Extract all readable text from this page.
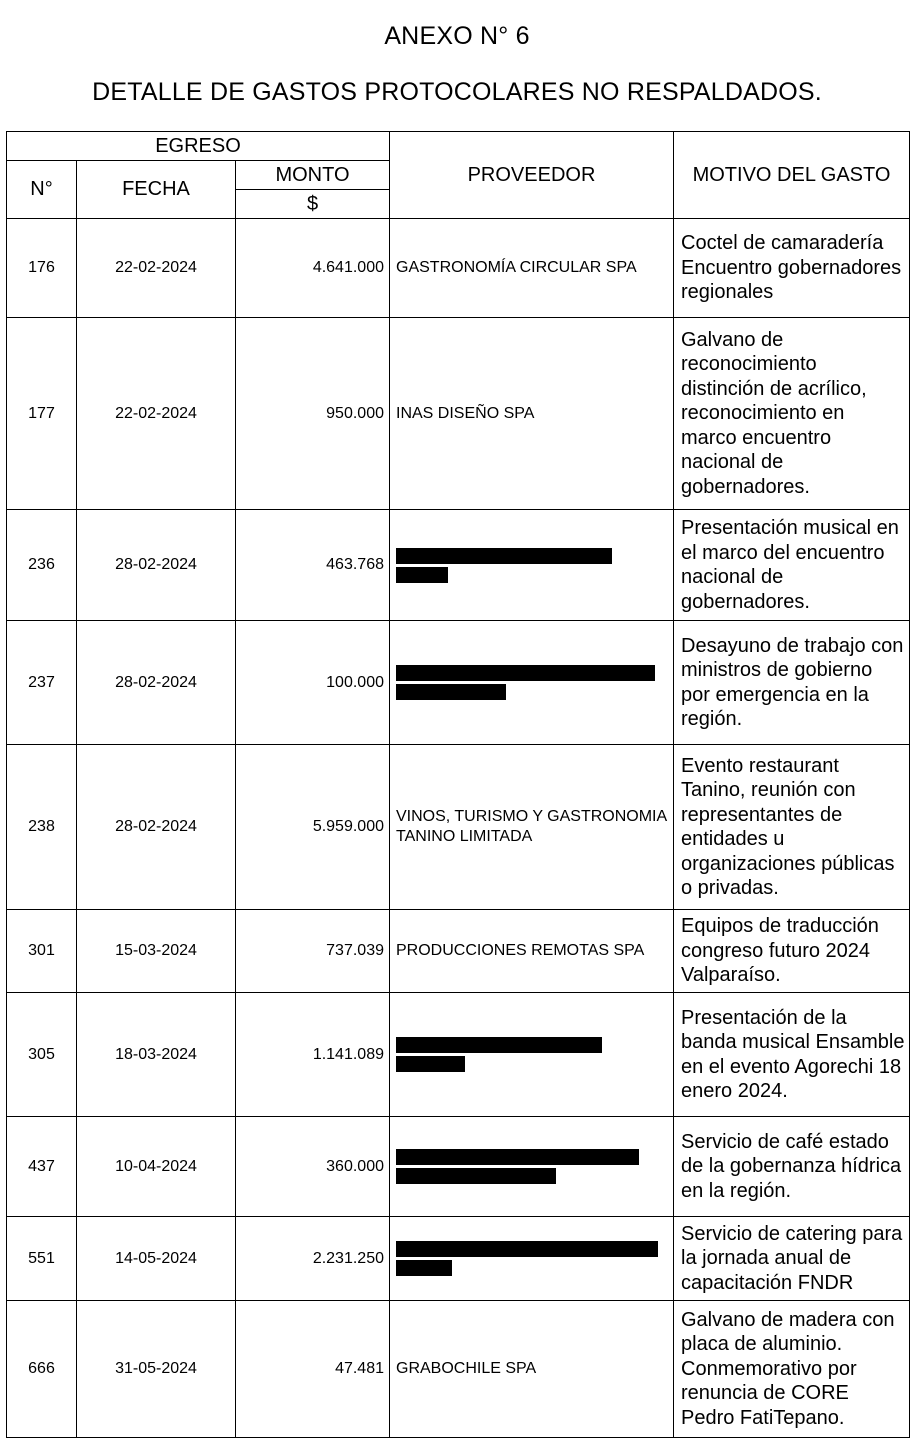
ANEXO N° 6
DETALLE DE GASTOS PROTOCOLARES NO RESPALDADOS.
EGRESO			PROVEEDOR	MOTIVO DEL GASTO
N°	FECHA	MONTO		
		$		
176	22-02-2024	4.641.000	GASTRONOMÍA CIRCULAR SPA	Coctel de camaradería Encuentro gobernadores regionales
177	22-02-2024	950.000	INAS DISEÑO SPA	Galvano de reconocimiento distinción de acrílico, reconocimiento en marco encuentro nacional de gobernadores.
236	28-02-2024	463.768		Presentación musical en el marco del encuentro nacional de gobernadores.
237	28-02-2024	100.000		Desayuno de trabajo con ministros de gobierno por emergencia en la región.
238	28-02-2024	5.959.000	VINOS, TURISMO Y GASTRONOMIA TANINO LIMITADA	Evento restaurant Tanino, reunión con representantes de entidades u organizaciones públicas o privadas.
301	15-03-2024	737.039	PRODUCCIONES REMOTAS SPA	Equipos de traducción congreso futuro 2024 Valparaíso.
305	18-03-2024	1.141.089		Presentación de la banda musical Ensamble en el evento Agorechi 18 enero 2024.
437	10-04-2024	360.000		Servicio de café estado de la gobernanza hídrica en la región.
551	14-05-2024	2.231.250		Servicio de catering para la jornada anual de capacitación FNDR
666	31-05-2024	47.481	GRABOCHILE SPA	Galvano de madera con placa de aluminio. Conmemorativo por renuncia de CORE Pedro FatiTepano.
